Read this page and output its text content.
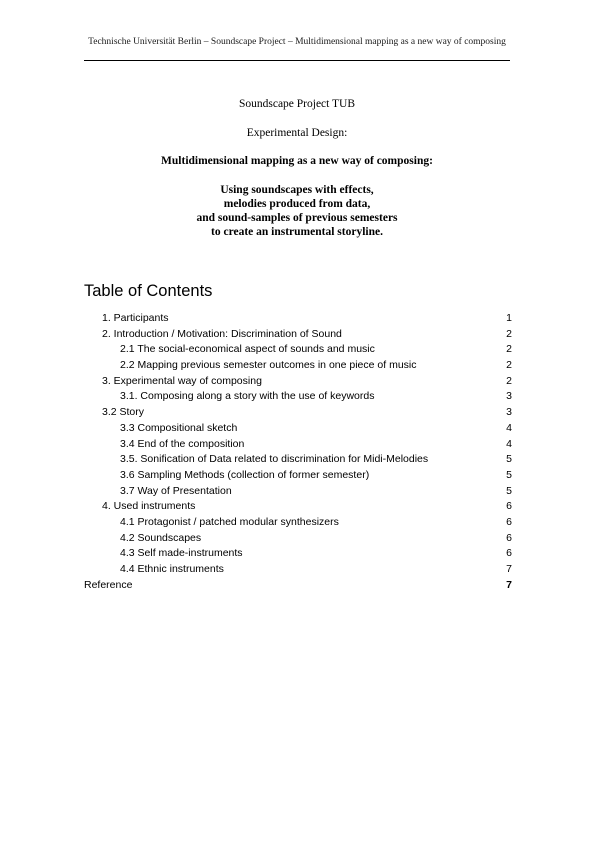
Technische Universität Berlin – Soundscape Project – Multidimensional mapping as a new way of composing
Soundscape Project TUB
Experimental Design:
Multidimensional mapping as a new way of composing:
Using soundscapes with effects,
melodies produced from data,
and sound-samples of previous semesters
to create an instrumental storyline.
Table of Contents
1. Participants	1
2. Introduction / Motivation: Discrimination of Sound	2
2.1 The social-economical aspect of sounds and music	2
2.2 Mapping previous semester outcomes in one piece of music	2
3. Experimental way of composing	2
3.1. Composing along a story with the use of keywords	3
3.2 Story	3
3.3 Compositional sketch	4
3.4 End of the composition	4
3.5. Sonification of Data related to discrimination for Midi-Melodies	5
3.6 Sampling Methods (collection of former semester)	5
3.7 Way of Presentation	5
4. Used instruments	6
4.1 Protagonist / patched modular synthesizers	6
4.2 Soundscapes	6
4.3 Self made-instruments	6
4.4 Ethnic instruments	7
Reference	7
